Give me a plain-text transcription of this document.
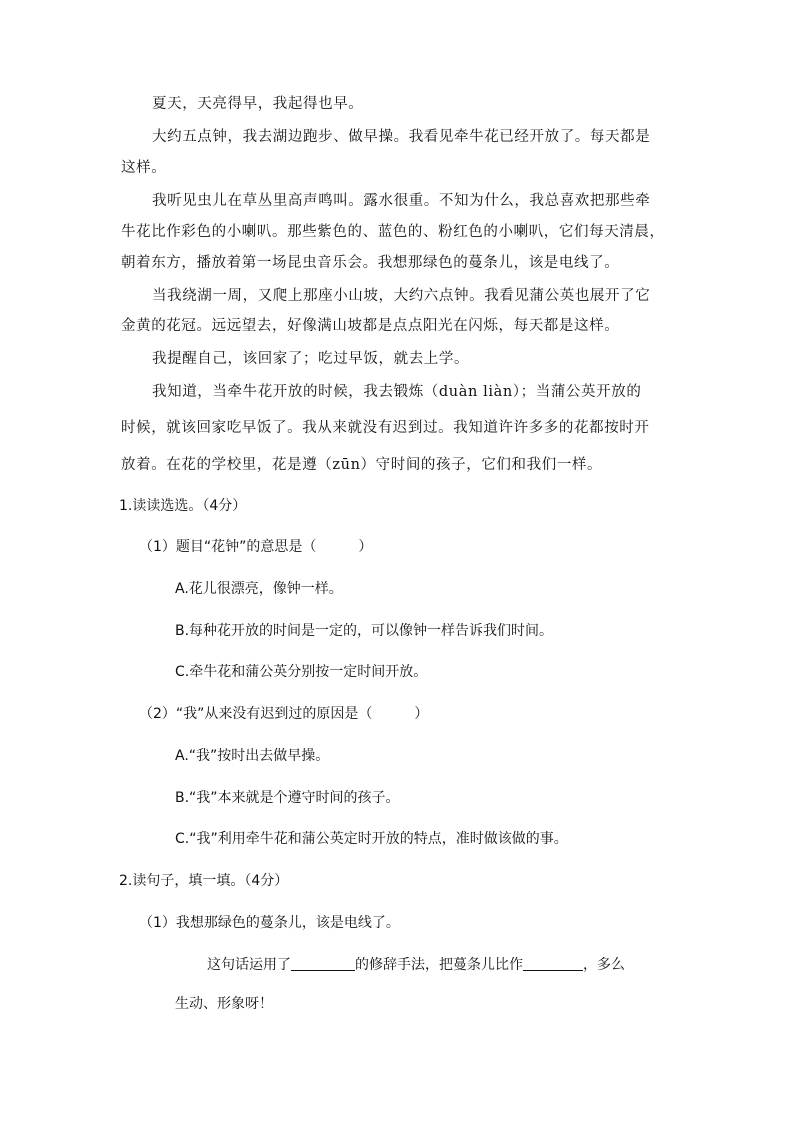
夏天，天亮得早，我起得也早。
大约五点钟，我去湖边跑步、做早操。我看见牵牛花已经开放了。每天都是
这样。
我听见虫儿在草丛里高声鸣叫。露水很重。不知为什么，我总喜欢把那些牵
牛花比作彩色的小喇叭。那些紫色的、蓝色的、粉红色的小喇叭，它们每天清晨，
朝着东方，播放着第一场昆虫音乐会。我想那绿色的蔓条儿，该是电线了。
当我绕湖一周，又爬上那座小山坡，大约六点钟。我看见蒲公英也展开了它
金黄的花冠。远远望去，好像满山坡都是点点阳光在闪烁，每天都是这样。
我提醒自己，该回家了；吃过早饭，就去上学。
我知道，当牵牛花开放的时候，我去锻炼（duàn liàn）；当蒲公英开放的
时候，就该回家吃早饭了。我从来就没有迟到过。我知道许许多多的花都按时开
放着。在花的学校里，花是遵（zūn）守时间的孩子，它们和我们一样。
1.读读选选。（4分）
（1）题目“花钟”的意思是（　　　）
A.花儿很漂亮，像钟一样。
B.每种花开放的时间是一定的，可以像钟一样告诉我们时间。
C.牵牛花和蒲公英分别按一定时间开放。
（2）“我”从来没有迟到过的原因是（　　　）
A.“我”按时出去做早操。
B.“我”本来就是个遵守时间的孩子。
C.“我”利用牵牛花和蒲公英定时开放的特点，准时做该做的事。
2.读句子，填一填。（4分）
（1）我想那绿色的蔓条儿，该是电线了。
这句话运用了	的修辞手法，把蔓条儿比作	，多么
生动、形象呀！
